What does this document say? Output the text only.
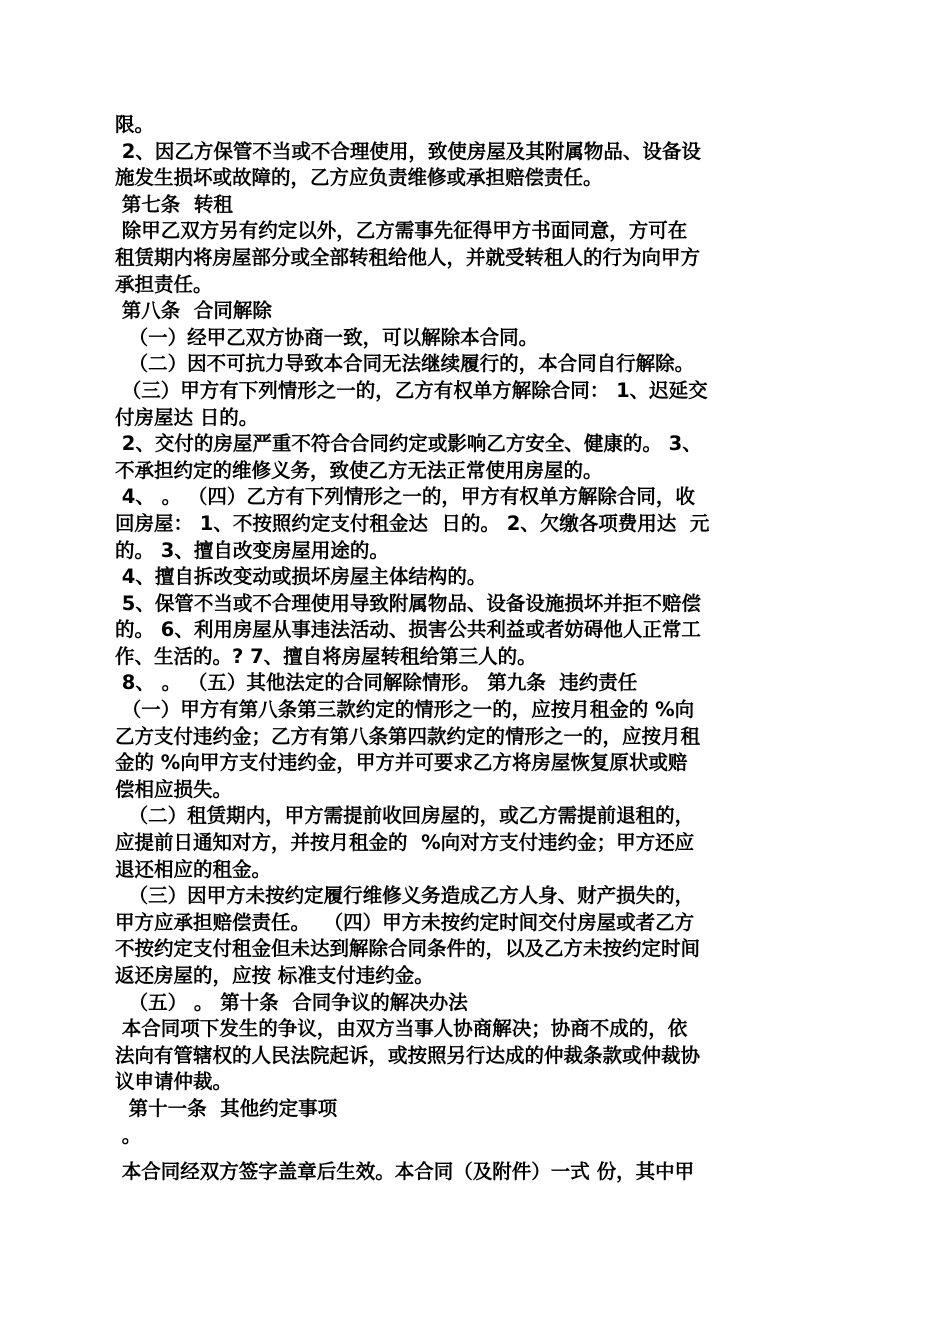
限。
2、因乙方保管不当或不合理使用，致使房屋及其附属物品、设备设
施发生损坏或故障的，乙方应负责维修或承担赔偿责任。
第七条  转租
除甲乙双方另有约定以外，乙方需事先征得甲方书面同意，方可在
租赁期内将房屋部分或全部转租给他人，并就受转租人的行为向甲方
承担责任。
第八条  合同解除
（一）经甲乙双方协商一致，可以解除本合同。
（二）因不可抗力导致本合同无法继续履行的，本合同自行解除。
（三）甲方有下列情形之一的，乙方有权单方解除合同： 1、迟延交
付房屋达 日的。
2、交付的房屋严重不符合合同约定或影响乙方安全、健康的。 3、
不承担约定的维修义务，致使乙方无法正常使用房屋的。
4、 。 （四）乙方有下列情形之一的，甲方有权单方解除合同，收
回房屋： 1、不按照约定支付租金达  日的。 2、欠缴各项费用达  元
的。 3、擅自改变房屋用途的。
4、擅自拆改变动或损坏房屋主体结构的。
5、保管不当或不合理使用导致附属物品、设备设施损坏并拒不赔偿
的。 6、利用房屋从事违法活动、损害公共利益或者妨碍他人正常工
作、生活的。? 7、擅自将房屋转租给第三人的。
8、 。 （五）其他法定的合同解除情形。 第九条  违约责任
（一）甲方有第八条第三款约定的情形之一的，应按月租金的 %向
乙方支付违约金；乙方有第八条第四款约定的情形之一的，应按月租
金的 %向甲方支付违约金，甲方并可要求乙方将房屋恢复原状或赔
偿相应损失。
（二）租赁期内，甲方需提前收回房屋的，或乙方需提前退租的，
应提前日通知对方，并按月租金的  %向对方支付违约金；甲方还应
退还相应的租金。
（三）因甲方未按约定履行维修义务造成乙方人身、财产损失的，
甲方应承担赔偿责任。  （四）甲方未按约定时间交付房屋或者乙方
不按约定支付租金但未达到解除合同条件的，以及乙方未按约定时间
返还房屋的，应按 标准支付违约金。
（五） 。 第十条  合同争议的解决办法
本合同项下发生的争议，由双方当事人协商解决；协商不成的，依
法向有管辖权的人民法院起诉，或按照另行达成的仲裁条款或仲裁协
议申请仲裁。
第十一条  其他约定事项
。
本合同经双方签字盖章后生效。本合同（及附件）一式 份，其中甲
